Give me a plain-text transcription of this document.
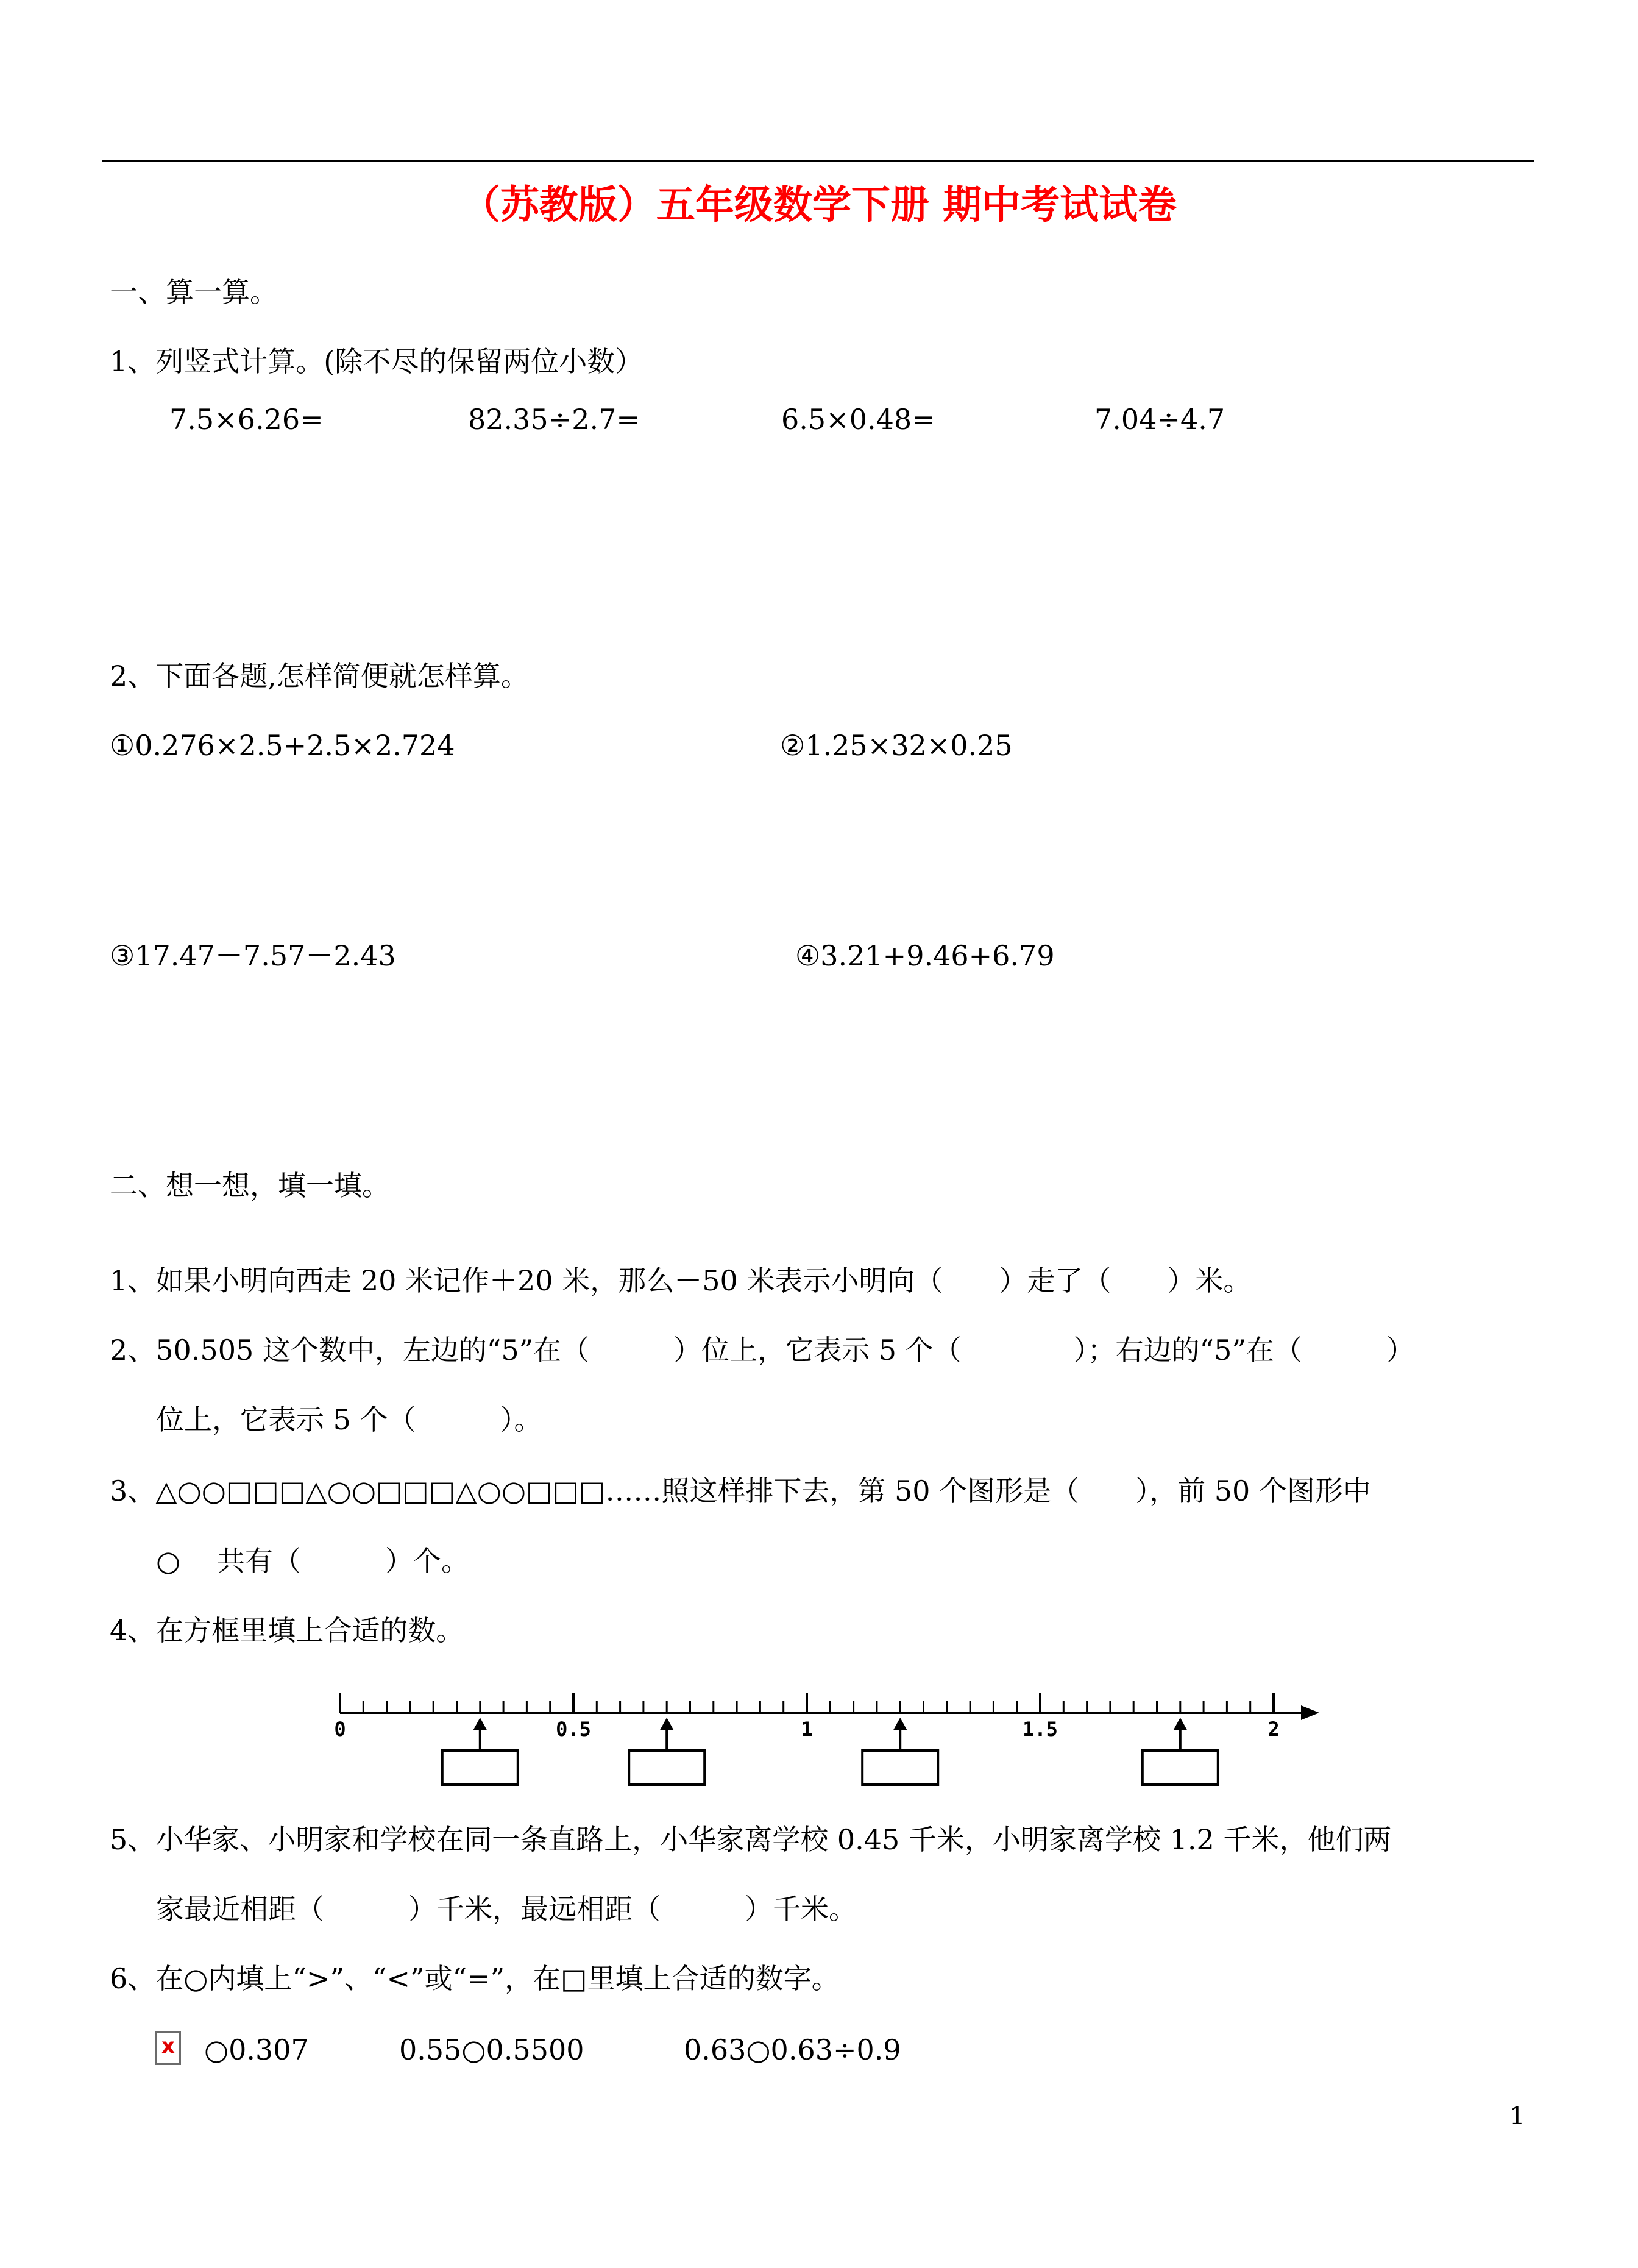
（苏教版）五年级数学下册 期中考试试卷
一、算一算。
1、列竖式计算。(除不尽的保留两位小数）
7.5×6.26=	82.35÷2.7=	6.5×0.48=	7.04÷4.7
2、下面各题,怎样简便就怎样算。
①0.276×2.5+2.5×2.724	②1.25×32×0.25
③17.47－7.57－2.43	④3.21+9.46+6.79
二、想一想，填一填。
1、如果小明向西走 20 米记作＋20 米，那么－50 米表示小明向（　　）走了（　　）米。
2、50.505 这个数中，左边的“5”在（　　　）位上，它表示 5 个（　　　　）；右边的“5”在（　　　）
位上，它表示 5 个（　　　）。
3、△○○□□□△○○□□□△○○□□□……照这样排下去，第 50 个图形是（　　），前 50 个图形中
○ 共有（　　　）个。
4、在方框里填上合适的数。
0	0.5	1	1.5	2
5、小华家、小明家和学校在同一条直路上，小华家离学校 0.45 千米，小明家离学校 1.2 千米，他们两
家最近相距（　　　）千米，最远相距（　　　）千米。
6、在○内填上“>”、“<”或“=”，在□里填上合适的数字。
x ○0.307	0.55○0.5500	0.63○0.63÷0.9
1
